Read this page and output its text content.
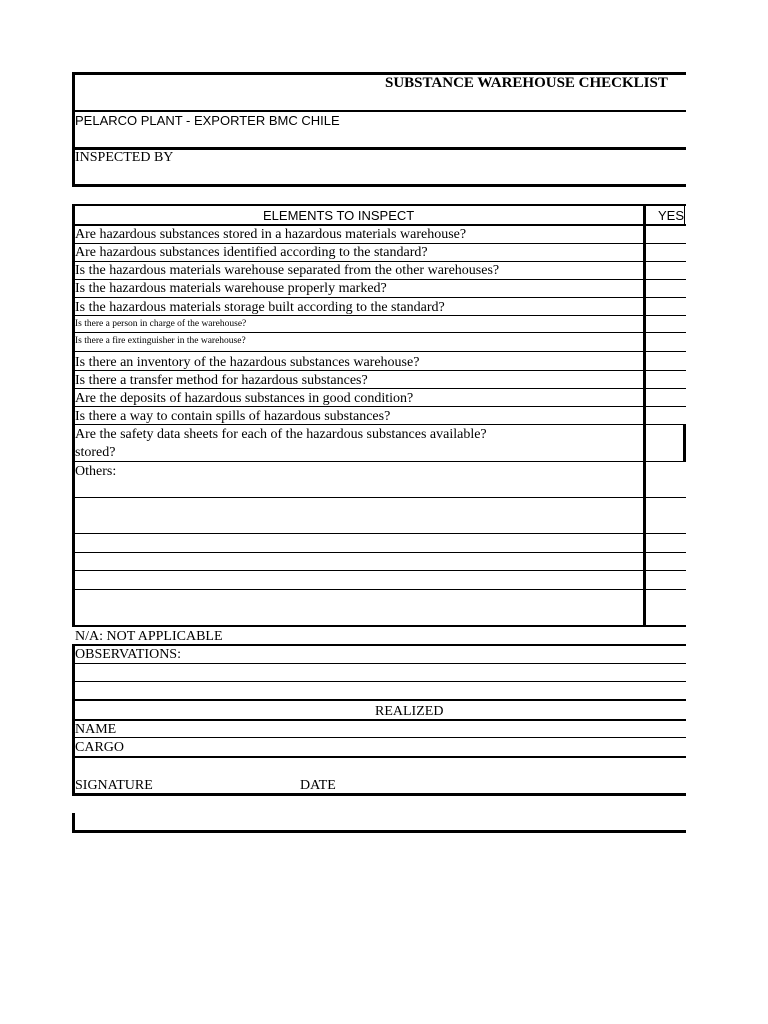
SUBSTANCE WAREHOUSE CHECKLIST
PELARCO PLANT - EXPORTER BMC CHILE
INSPECTED BY
ELEMENTS TO INSPECT	YES
Are hazardous substances stored in a hazardous materials warehouse?
Are hazardous substances identified according to the standard?
Is the hazardous materials warehouse separated from the other warehouses?
Is the hazardous materials warehouse properly marked?
Is the hazardous materials storage built according to the standard?
Is there a person in charge of the warehouse?
Is there a fire extinguisher in the warehouse?
Is there an inventory of the hazardous substances warehouse?
Is there a transfer method for hazardous substances?
Are the deposits of hazardous substances in good condition?
Is there a way to contain spills of hazardous substances?
Are the safety data sheets for each of the hazardous substances available?
stored?
Others:
N/A: NOT APPLICABLE
OBSERVATIONS:
REALIZED
NAME
CARGO
SIGNATURE	DATE
